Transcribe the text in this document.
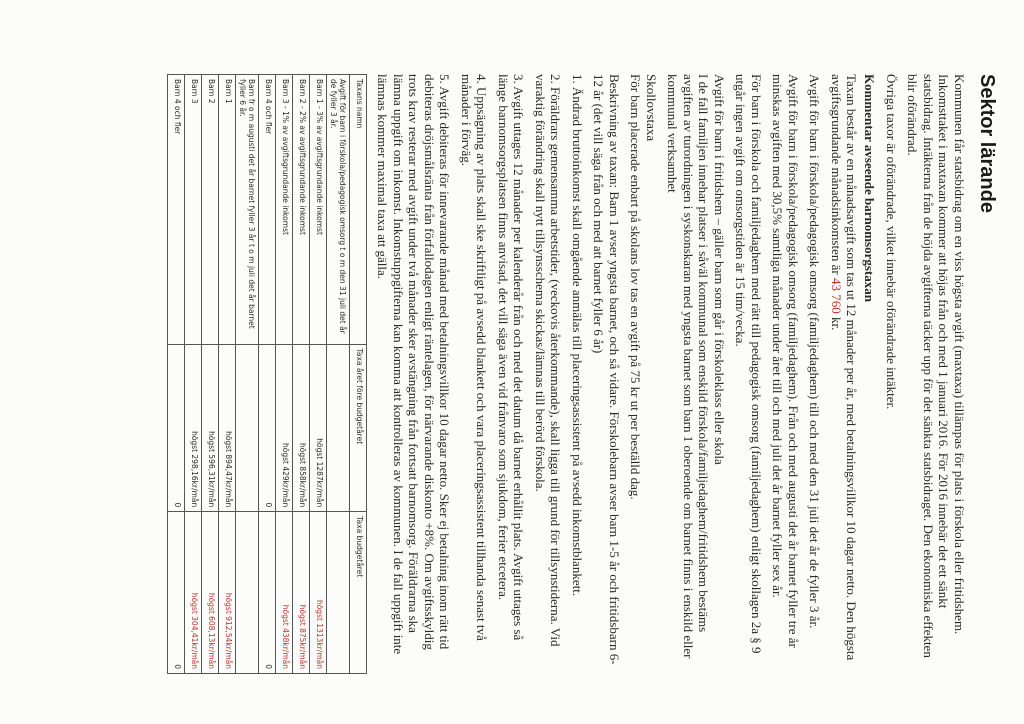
Sektor lärande

Kommunen får statsbidrag om en viss högsta avgift (maxtaxa) tillämpas för plats i förskola eller fritidshem. Inkomsttaket i maxtaxan kommer att höjas från och med 1 januari 2016. För 2016 innebär det ett sänkt statsbidrag. Intäkterna från de höjda avgifterna täcker upp för det sänkta statsbidraget. Den ekonomiska effekten blir oförändrad.

Övriga taxor är oförändrade, vilket innebär oförändrade intäkter.

Kommentar avseende barnomsorgstaxan

Taxan består av en månadsavgift som tas ut 12 månader per år, med betalningsvillkor 10 dagar netto. Den högsta avgiftsgrundande månadsinkomsten är 43 760 kr.

Avgift för barn i förskola/pedagogisk omsorg (familjedaghem) till och med den 31 juli det år de fyller 3 år.

Avgift för barn i förskola/pedagogisk omsorg (familjedaghem). Från och med augusti det år barnet fyller tre år minskas avgiften med 30,5% samtliga månader under året till och med juli det år barnet fyller sex år.

För barn i förskola och familjedaghem med rätt till pedagogisk omsorg (familjedaghem) enligt skollagen 2a § 9 utgår ingen avgift om omsorgstiden är 15 tim/vecka.

Avgift för barn i fritidshem – gäller barn som går i förskoleklass eller skola

I de fall familjen innehar platser i såväl kommunal som enskild förskola/familjedaghem/fritidshem bestäms avgiften av turordningen i syskonskaran med yngsta barnet som barn 1 oberoende om barnet finns i enskild eller kommunal verksamhet

Skollovstaxa

För barn placerade enbart på skolans lov tas en avgift på 75 kr ut per beställd dag.

Beskrivning av taxan: Barn 1 avser yngsta barnet, och så vidare. Förskolebarn avser barn 1-5 år och fritidsbarn 6-12 år (det vill säga från och med att barnet fyller 6 år)

1. Ändrad bruttoinkomst skall omgående anmälas till placeringsassistent på avsedd inkomstblankett.

2. Föräldrars gemensamma arbetstider, (veckovis återkommande), skall ligga till grund för tillsynstiderna. Vid varaktig förändring skall nytt tillsynsschema skickas/lämnas till berörd förskola.

3. Avgift uttages 12 månader per kalenderår från och med det datum då barnet erhållit plats. Avgift uttages så länge barnomsorgsplatsen finns anvisad, det vill säga även vid frånvaro som sjukdom, ferier etcetera.

4. Uppsägning av plats skall ske skriftligt på avsedd blankett och vara placeringsassistent tillhanda senast två månader i förväg.

5. Avgift debiteras för innevarande månad med betalningsvillkor 10 dagar netto. Sker ej betalning inom rätt tid debiteras dröjsmålsränta från förfallodagen enligt räntelagen, för närvarande diskonto +8%. Om avgiftsskyldig trots krav resterar med avgift under två månader sker avstängning från fortsatt barnomsorg. Föräldrarna ska lämna uppgift om inkomst. Inkomstuppgifterna kan komma att kontrolleras av kommunen. I de fall uppgift inte lämnas kommer maximal taxa att gälla.

Taxans namn	Taxa året före budgetåret	Taxa budgetåret
Avgift för barn i förskola/pedagogisk omsorg t o m den 31 juli det år de fyller 3 år.		
Barn 1 - 3% av avgiftsgrundande inkomst	högst 1287kr/mån	högst 1313kr/mån
Barn 2 - 2% av avgiftsgrundande inkomst	högst 858kr/mån	högst 875kr/mån
Barn 3 - 1% av avgiftsgrundande inkomst	högst 429kr/mån	högst 438kr/mån
Barn 4 och fler	0	0
Barn fr o m augusti det år barnet fyller 3 år t o m juli det år barnet fyller 6 år.		
Barn 1	högst 894,47kr/mån	högst 912,54kr/mån
Barn 2	högst 596,31kr/mån	högst 608,13kr/mån
Barn 3	högst 298,16kr/mån	högst 304,41kr/mån
Barn 4 och fler	0	0
